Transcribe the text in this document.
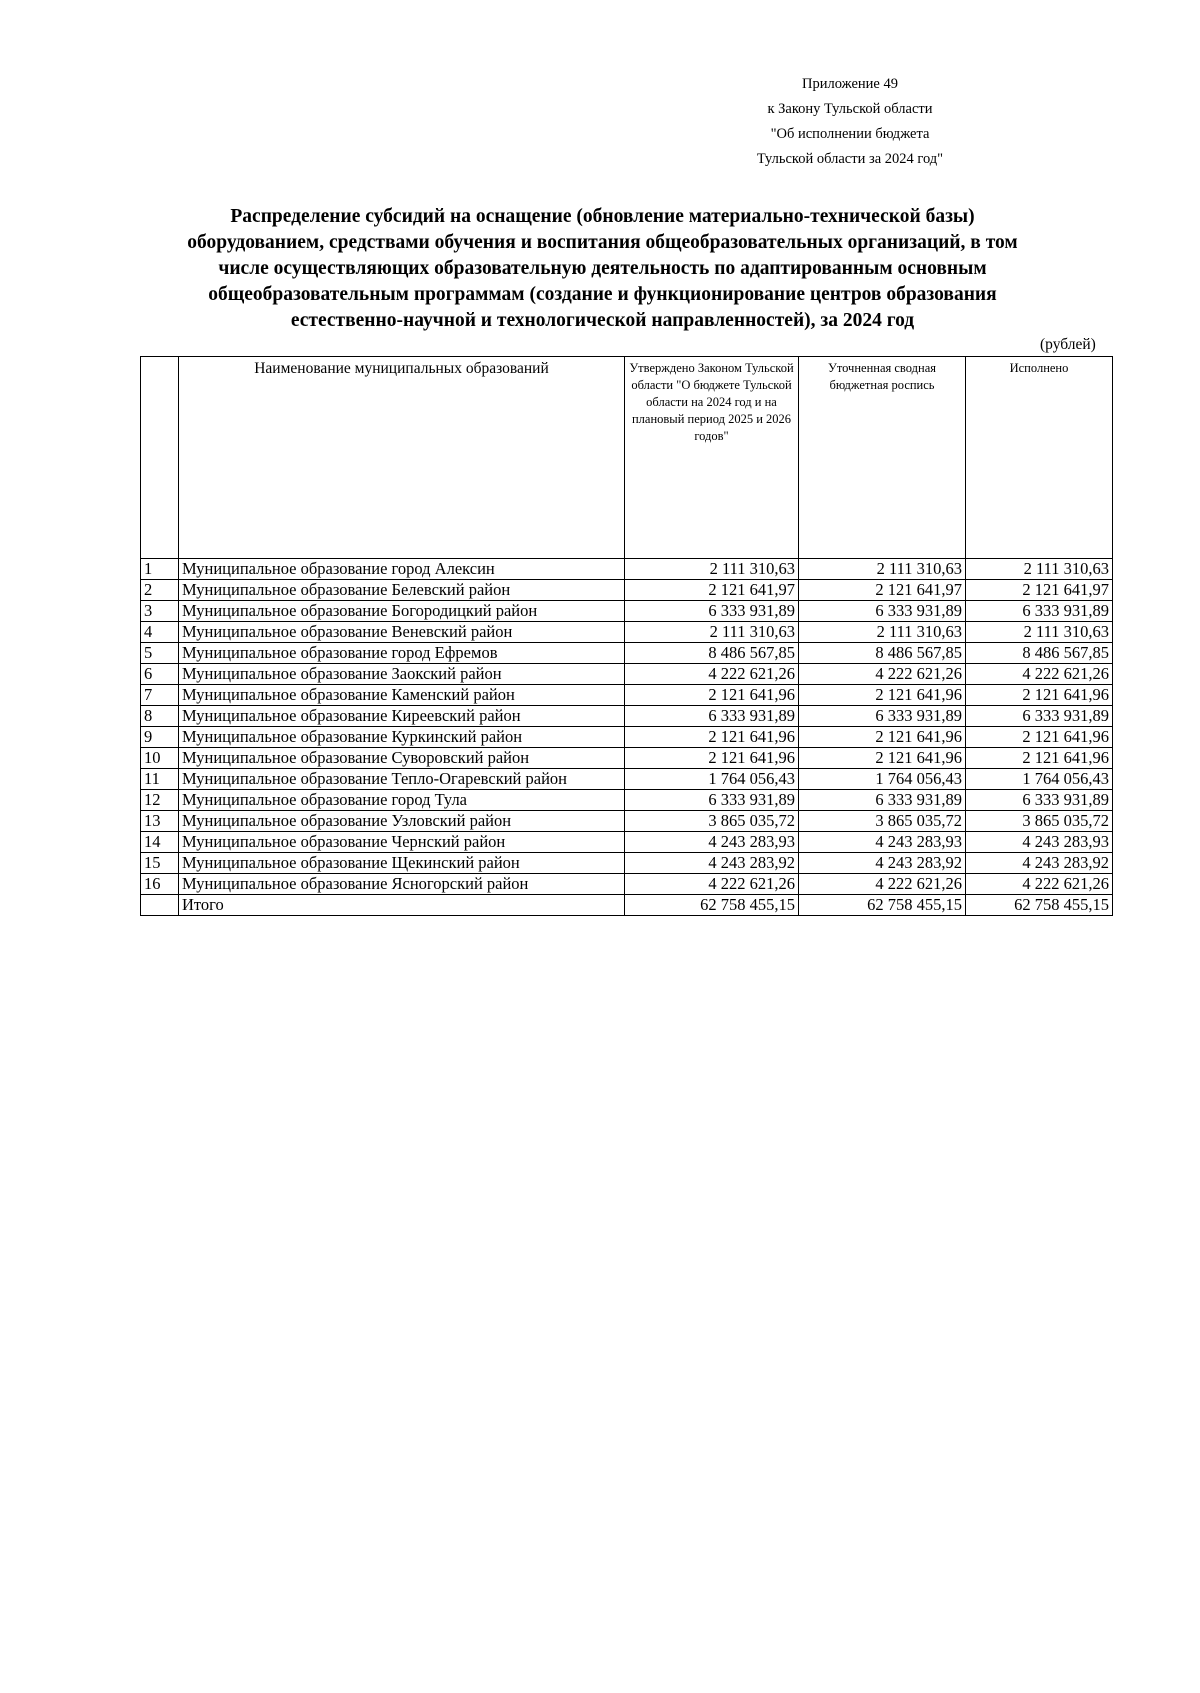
Приложение 49
к Закону Тульской области
"Об исполнении бюджета
Тульской области за 2024 год"
Распределение субсидий на оснащение (обновление материально-технической базы)
оборудованием, средствами обучения и воспитания общеобразовательных организаций, в том
числе осуществляющих образовательную деятельность по адаптированным основным
общеобразовательным программам (создание и функционирование центров образования
естественно-научной и технологической направленностей), за 2024 год
(рублей)
	Наименование муниципальных образований	Утверждено Законом Тульской области "О бюджете Тульской области на 2024 год и на плановый период 2025 и 2026 годов"	Уточненная сводная бюджетная роспись	Исполнено
1	Муниципальное образование город Алексин	2 111 310,63	2 111 310,63	2 111 310,63
2	Муниципальное образование Белевский район	2 121 641,97	2 121 641,97	2 121 641,97
3	Муниципальное образование Богородицкий район	6 333 931,89	6 333 931,89	6 333 931,89
4	Муниципальное образование Веневский район	2 111 310,63	2 111 310,63	2 111 310,63
5	Муниципальное образование город Ефремов	8 486 567,85	8 486 567,85	8 486 567,85
6	Муниципальное образование Заокский район	4 222 621,26	4 222 621,26	4 222 621,26
7	Муниципальное образование Каменский район	2 121 641,96	2 121 641,96	2 121 641,96
8	Муниципальное образование Киреевский район	6 333 931,89	6 333 931,89	6 333 931,89
9	Муниципальное образование Куркинский район	2 121 641,96	2 121 641,96	2 121 641,96
10	Муниципальное образование Суворовский район	2 121 641,96	2 121 641,96	2 121 641,96
11	Муниципальное образование Тепло-Огаревский район	1 764 056,43	1 764 056,43	1 764 056,43
12	Муниципальное образование город Тула	6 333 931,89	6 333 931,89	6 333 931,89
13	Муниципальное образование Узловский район	3 865 035,72	3 865 035,72	3 865 035,72
14	Муниципальное образование Чернский район	4 243 283,93	4 243 283,93	4 243 283,93
15	Муниципальное образование Щекинский район	4 243 283,92	4 243 283,92	4 243 283,92
16	Муниципальное образование Ясногорский район	4 222 621,26	4 222 621,26	4 222 621,26
	Итого	62 758 455,15	62 758 455,15	62 758 455,15
